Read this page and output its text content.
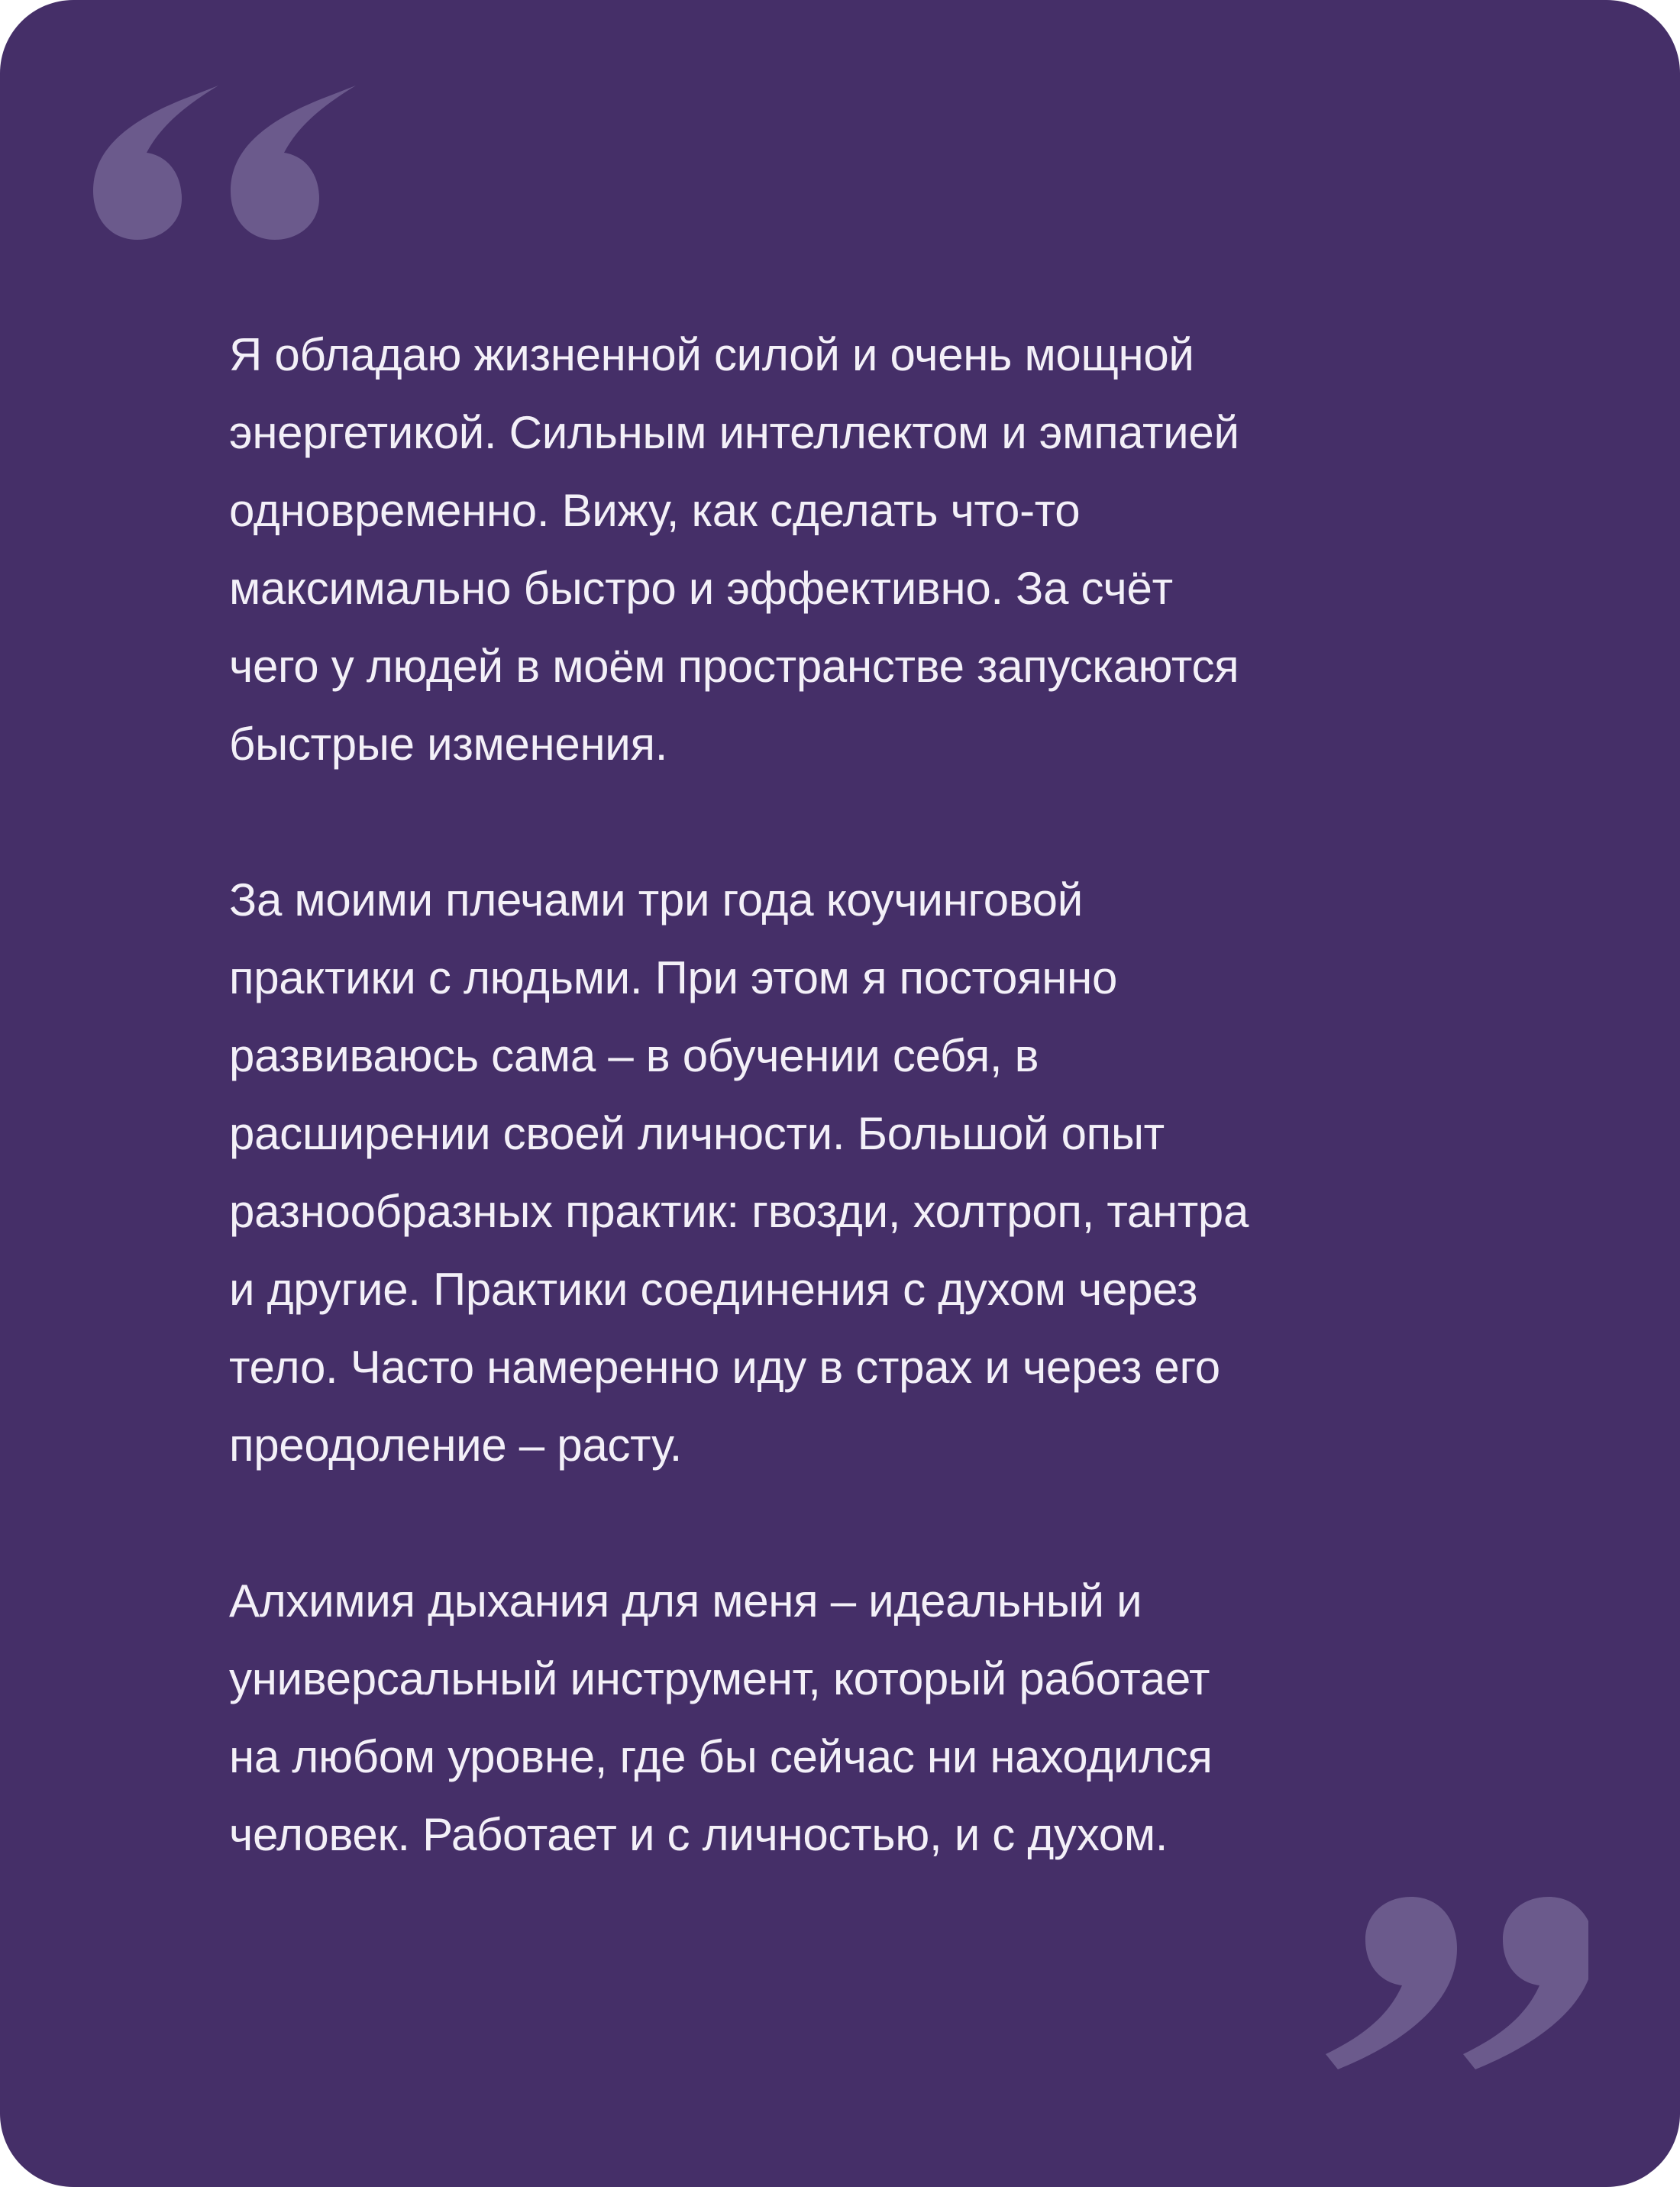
Я обладаю жизненной силой и очень мощной
энергетикой. Сильным интеллектом и эмпатией
одновременно. Вижу, как сделать что-то
максимально быстро и эффективно. За счёт
чего у людей в моём пространстве запускаются
быстрые изменения.

За моими плечами три года коучинговой
практики с людьми. При этом я постоянно
развиваюсь сама – в обучении себя, в
расширении своей личности. Большой опыт
разнообразных практик: гвозди, холтроп, тантра
и другие. Практики соединения с духом через
тело. Часто намеренно иду в страх и через его
преодоление – расту.

Алхимия дыхания для меня – идеальный и
универсальный инструмент, который работает
на любом уровне, где бы сейчас ни находился
человек. Работает и с личностью, и с духом.
